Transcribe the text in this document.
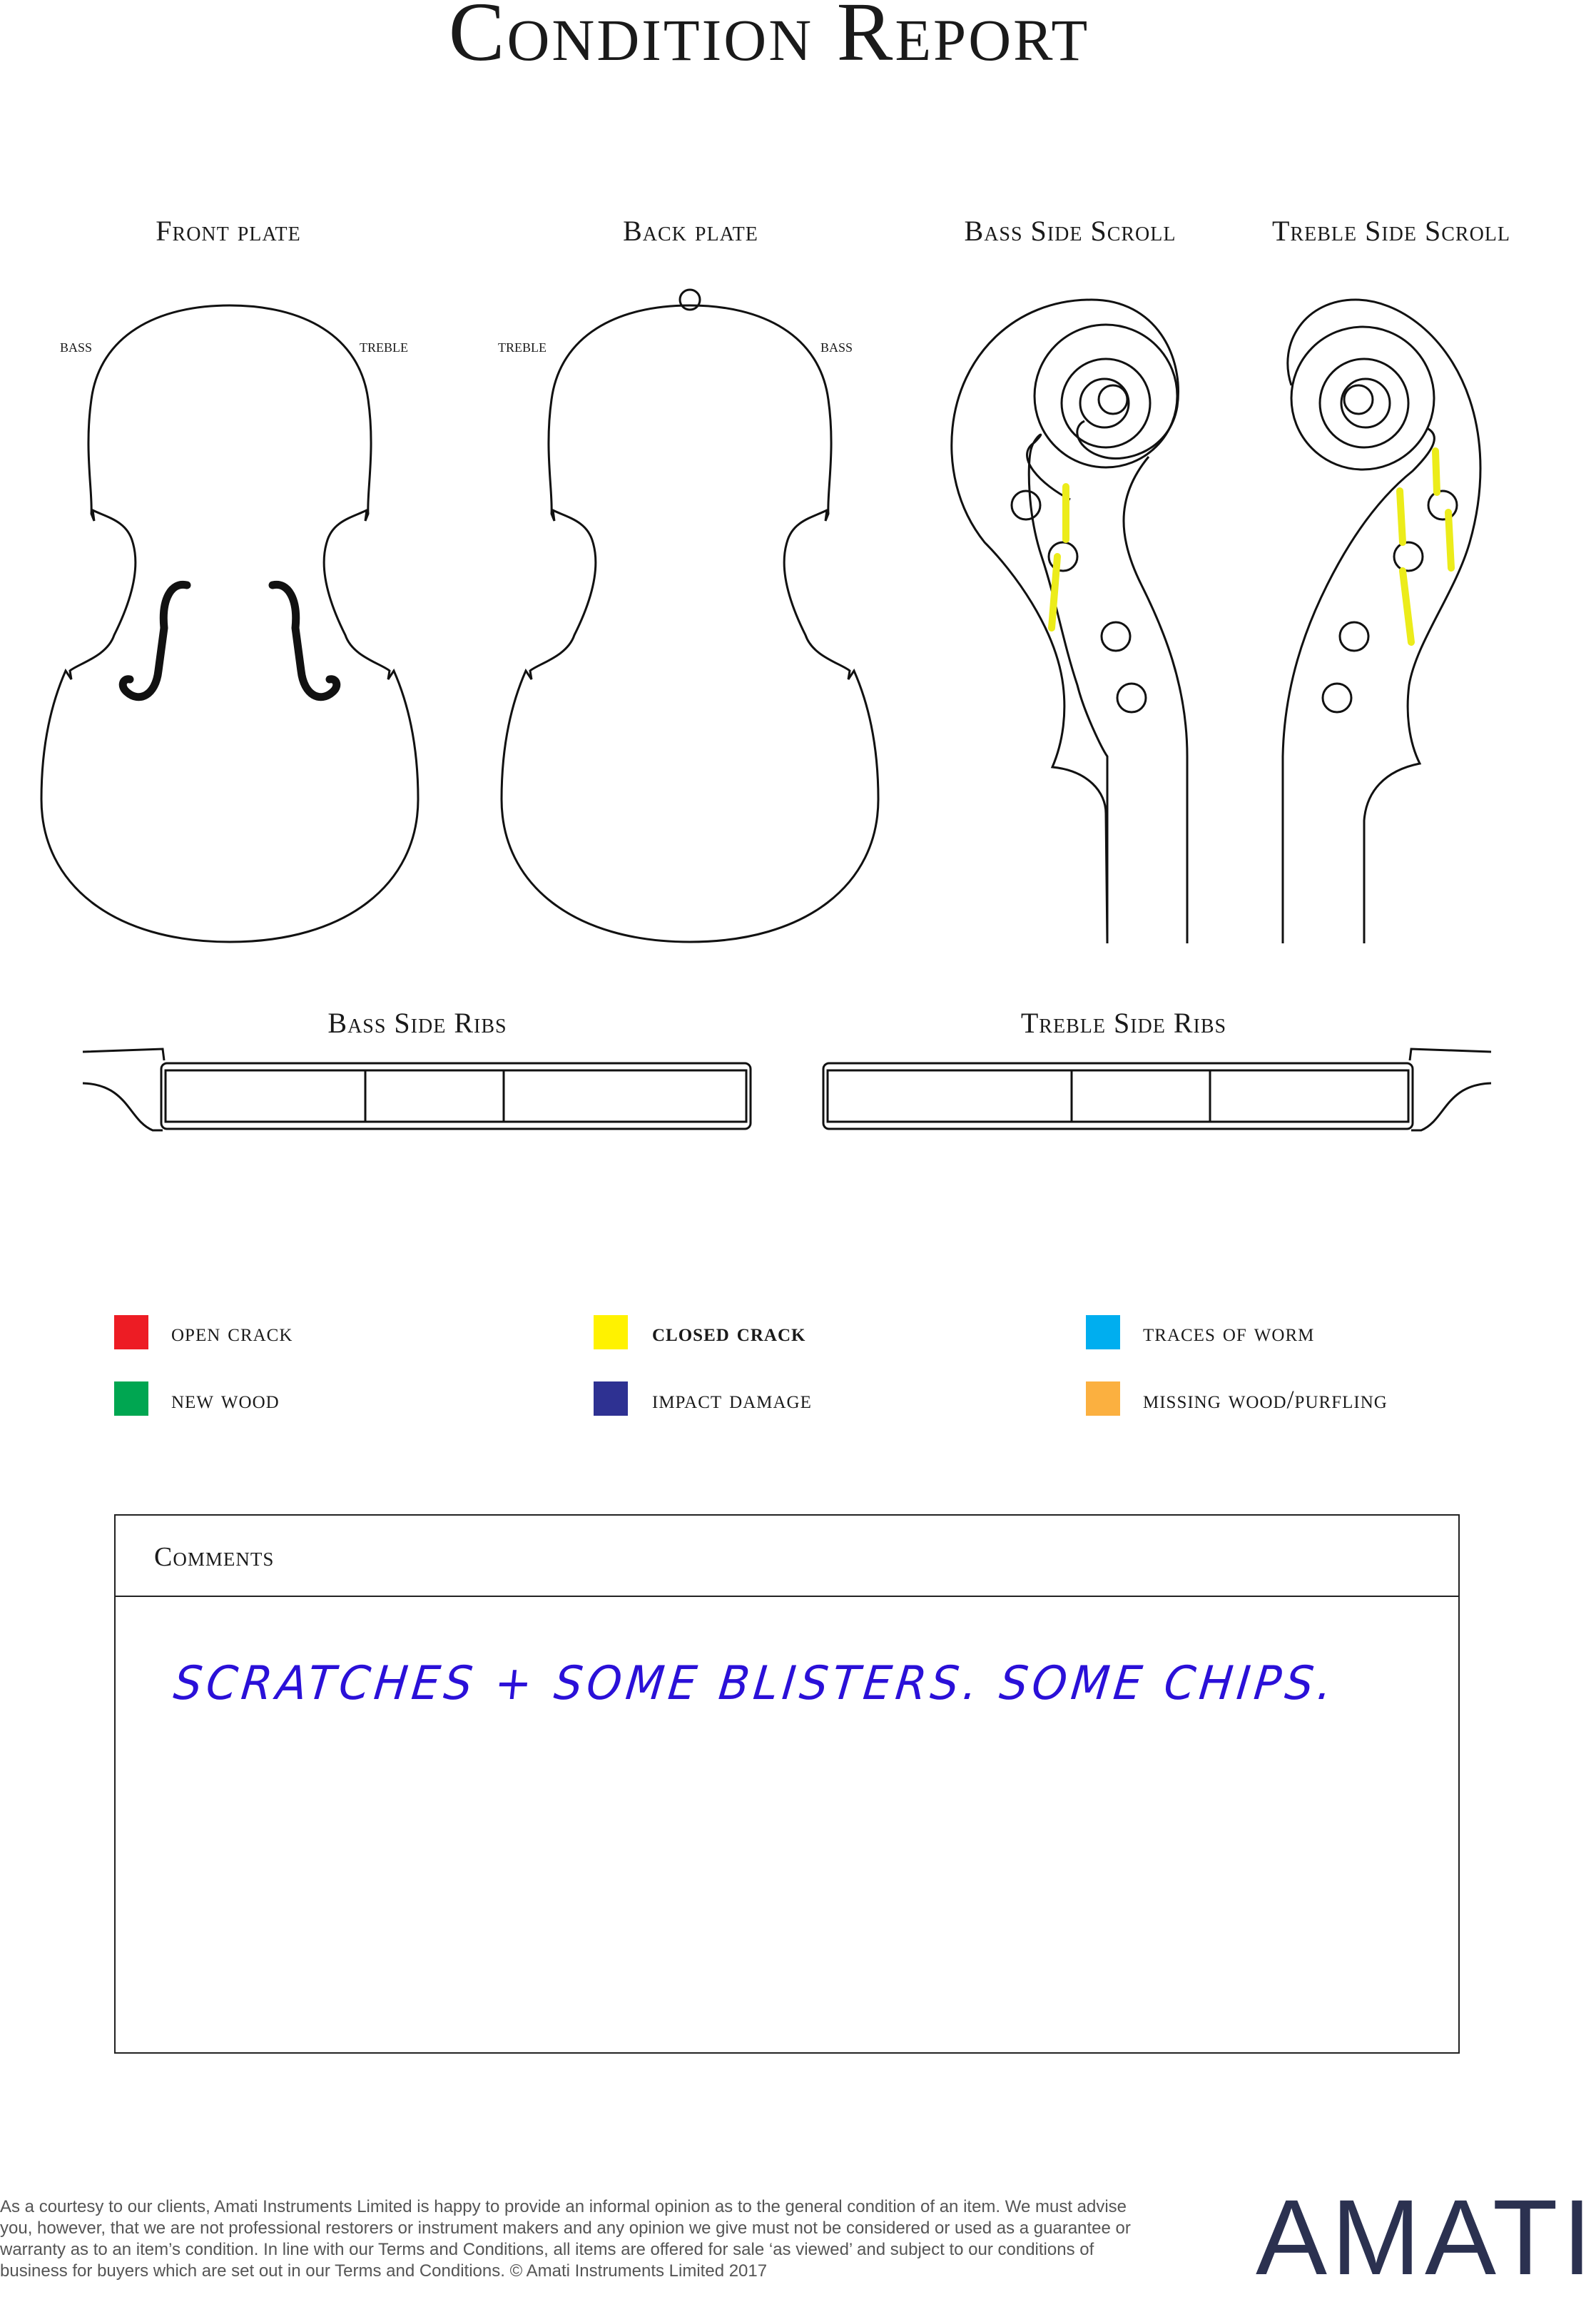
Condition Report
Front plate	Back plate	Bass Side Scroll	Treble Side Scroll
Bass Side Ribs	Treble Side Ribs
bass	treble	treble	bass
open crack	closed crack	traces of worm
new wood	impact damage	missing wood/purfling
Comments
SCRATCHES + SOME BLISTERS. SOME CHIPS.
As a courtesy to our clients, Amati Instruments Limited is happy to provide an informal opinion as to the general condition of an item. We must advise you, however, that we are not professional restorers or instrument makers and any opinion we give must not be considered or used as a guarantee or warranty as to an item’s condition. In line with our Terms and Conditions, all items are offered for sale ‘as viewed’ and subject to our conditions of business for buyers which are set out in our Terms and Conditions. © Amati Instruments Limited 2017	AMATI
